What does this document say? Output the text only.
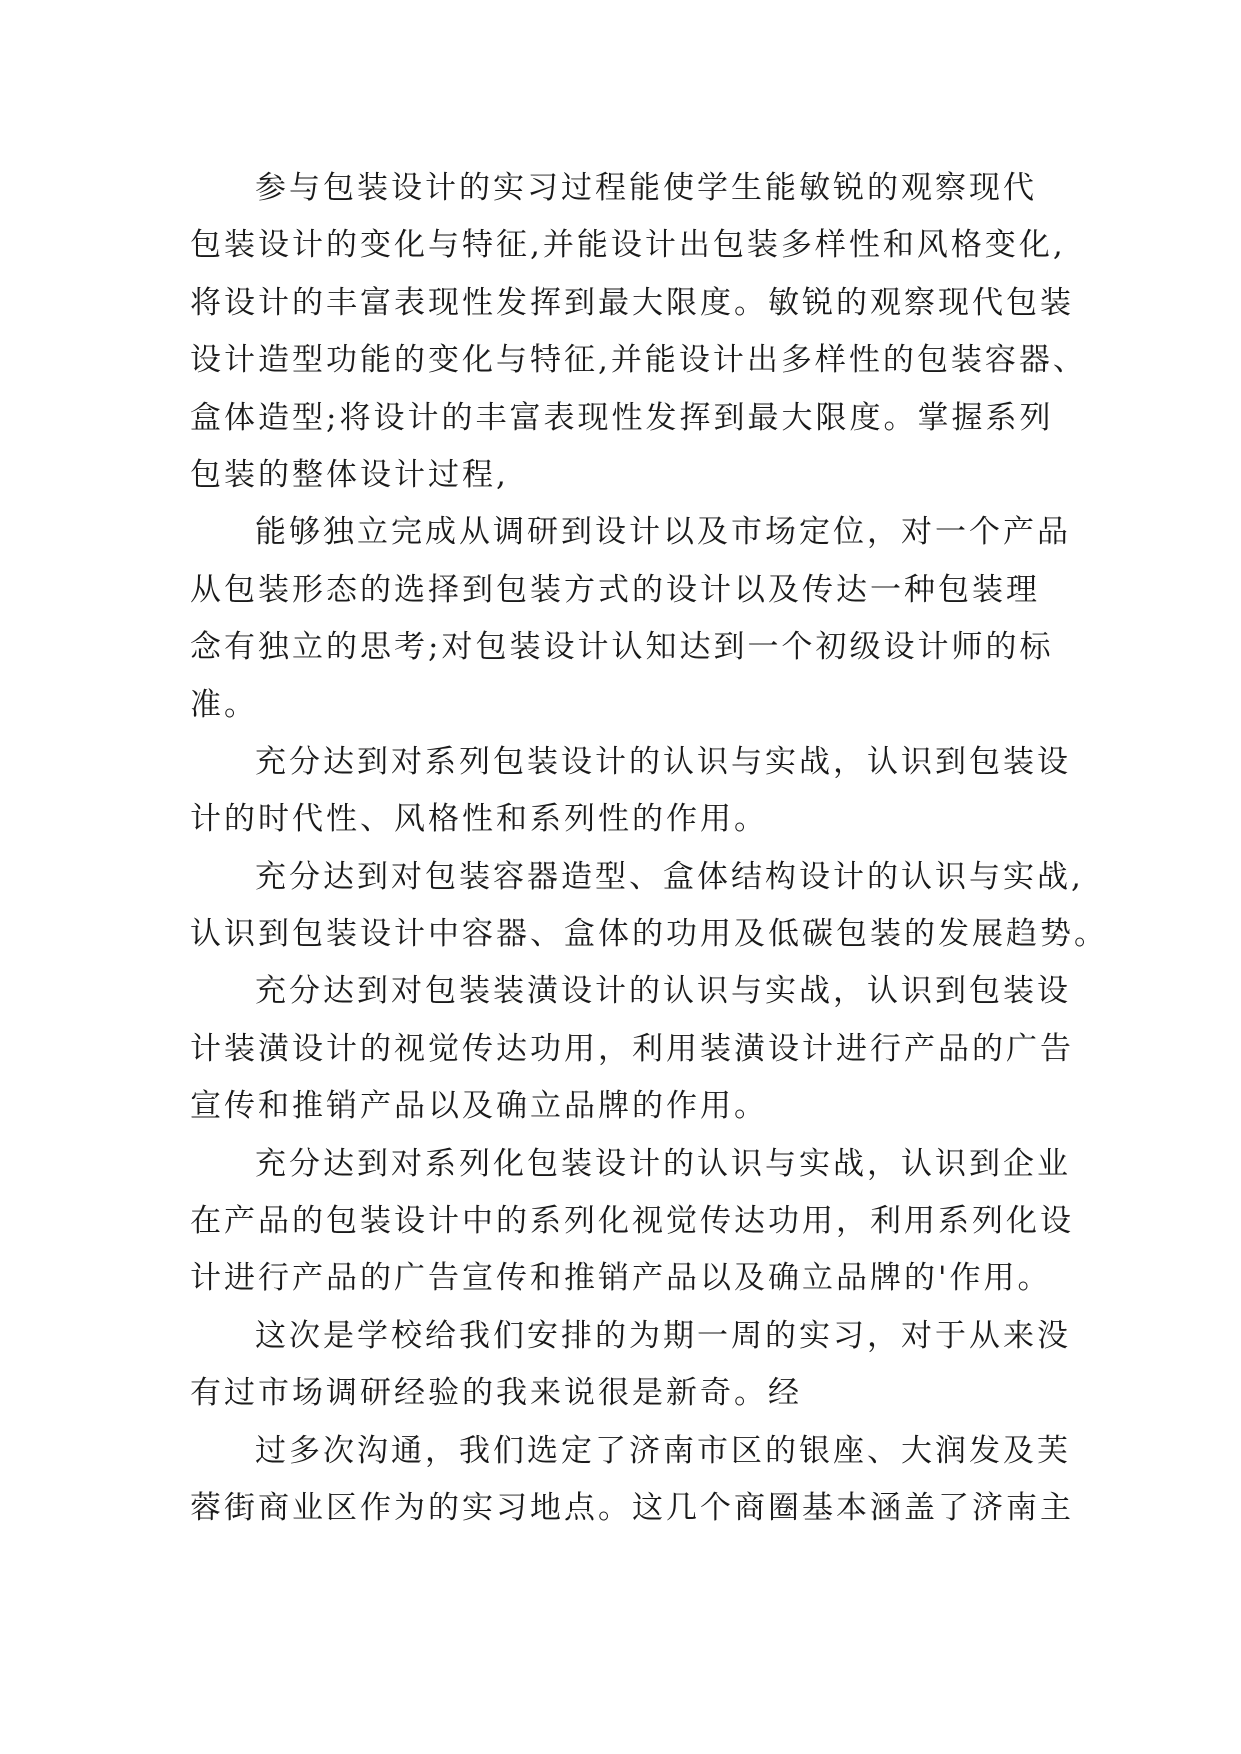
参与包装设计的实习过程能使学生能敏锐的观察现代
包装设计的变化与特征,并能设计出包装多样性和风格变化,
将设计的丰富表现性发挥到最大限度。敏锐的观察现代包装
设计造型功能的变化与特征,并能设计出多样性的包装容器、
盒体造型;将设计的丰富表现性发挥到最大限度。掌握系列
包装的整体设计过程,
能够独立完成从调研到设计以及市场定位，对一个产品
从包装形态的选择到包装方式的设计以及传达一种包装理
念有独立的思考;对包装设计认知达到一个初级设计师的标
准。
充分达到对系列包装设计的认识与实战，认识到包装设
计的时代性、风格性和系列性的作用。
充分达到对包装容器造型、盒体结构设计的认识与实战,
认识到包装设计中容器、盒体的功用及低碳包装的发展趋势。
充分达到对包装装潢设计的认识与实战，认识到包装设
计装潢设计的视觉传达功用，利用装潢设计进行产品的广告
宣传和推销产品以及确立品牌的作用。
充分达到对系列化包装设计的认识与实战，认识到企业
在产品的包装设计中的系列化视觉传达功用，利用系列化设
计进行产品的广告宣传和推销产品以及确立品牌的'作用。
这次是学校给我们安排的为期一周的实习，对于从来没
有过市场调研经验的我来说很是新奇。经
过多次沟通，我们选定了济南市区的银座、大润发及芙
蓉街商业区作为的实习地点。这几个商圈基本涵盖了济南主
